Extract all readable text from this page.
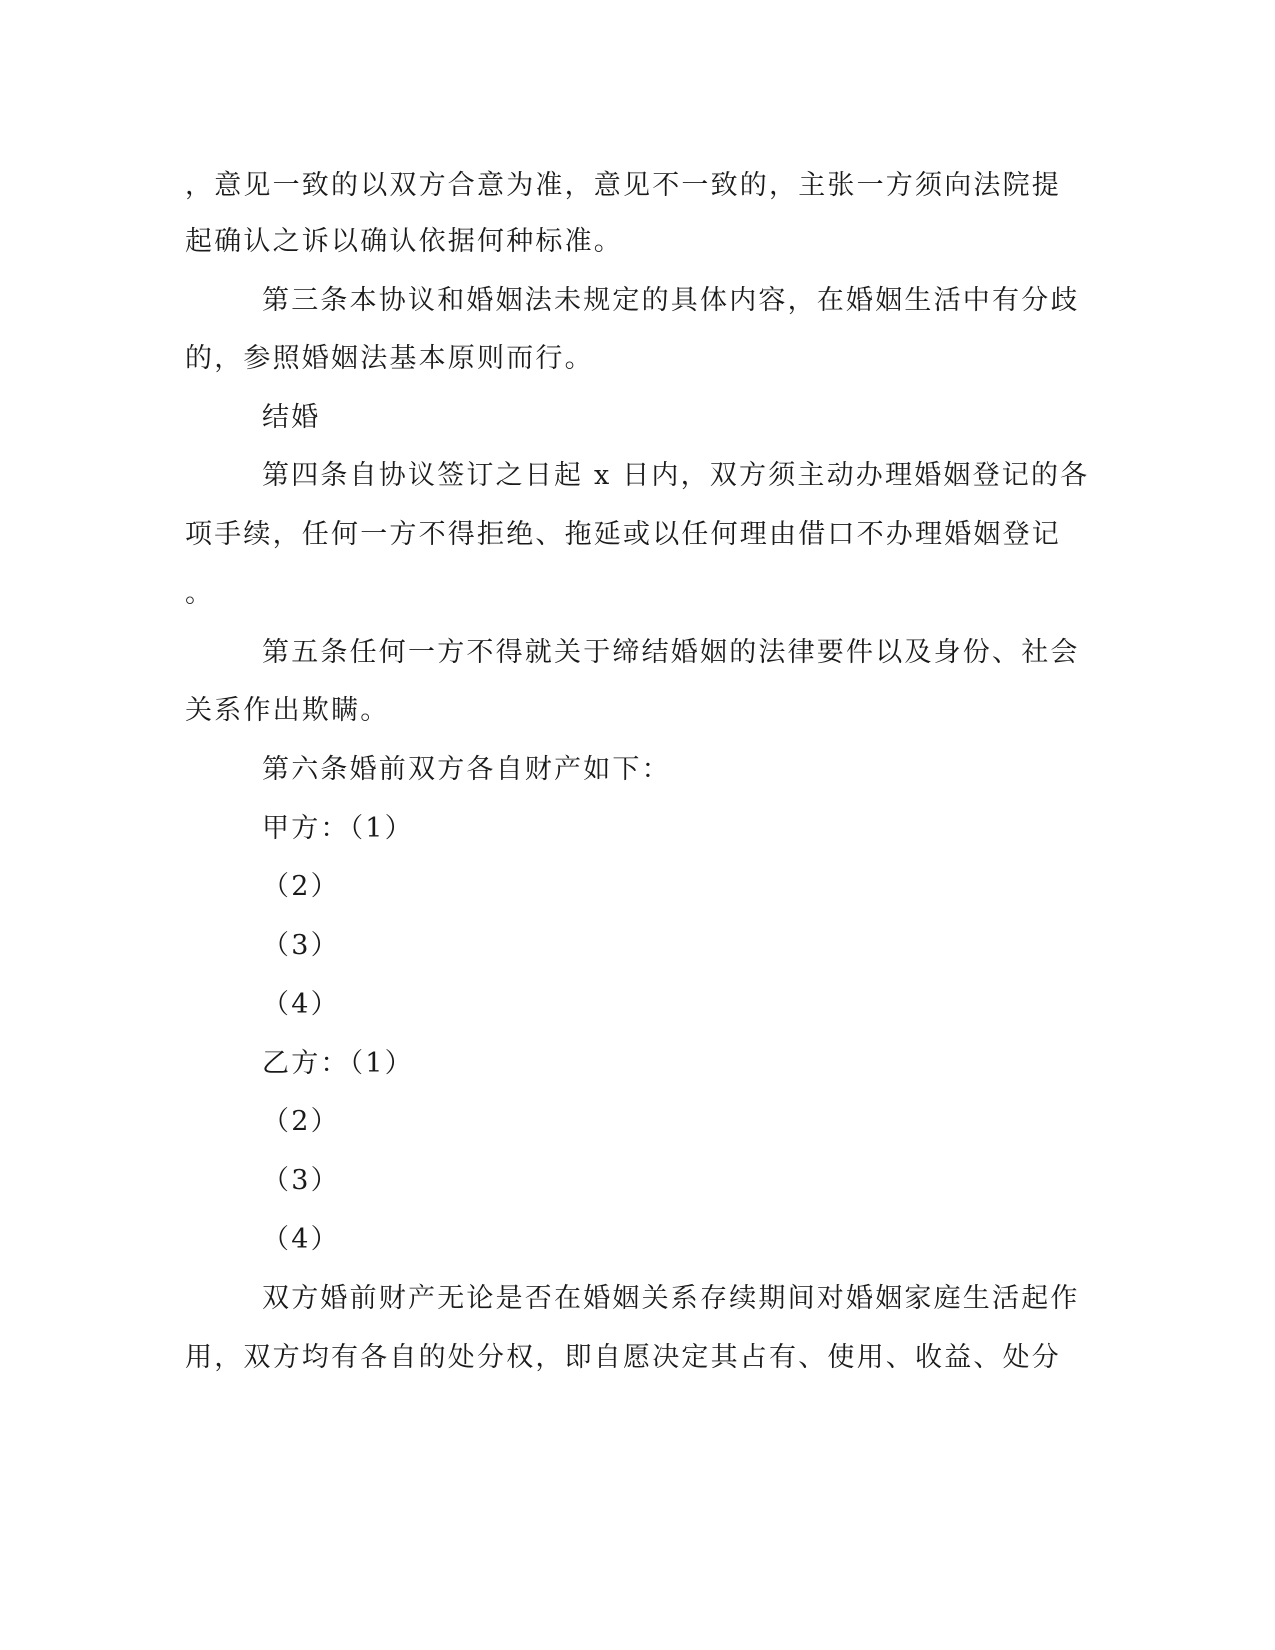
，意见一致的以双方合意为准，意见不一致的，主张一方须向法院提
起确认之诉以确认依据何种标准。
第三条本协议和婚姻法未规定的具体内容，在婚姻生活中有分歧
的，参照婚姻法基本原则而行。
结婚
第四条自协议签订之日起 x 日内，双方须主动办理婚姻登记的各
项手续，任何一方不得拒绝、拖延或以任何理由借口不办理婚姻登记
。
第五条任何一方不得就关于缔结婚姻的法律要件以及身份、社会
关系作出欺瞒。
第六条婚前双方各自财产如下：
甲方：（1）
（2）
（3）
（4）
乙方：（1）
（2）
（3）
（4）
双方婚前财产无论是否在婚姻关系存续期间对婚姻家庭生活起作
用，双方均有各自的处分权，即自愿决定其占有、使用、收益、处分
